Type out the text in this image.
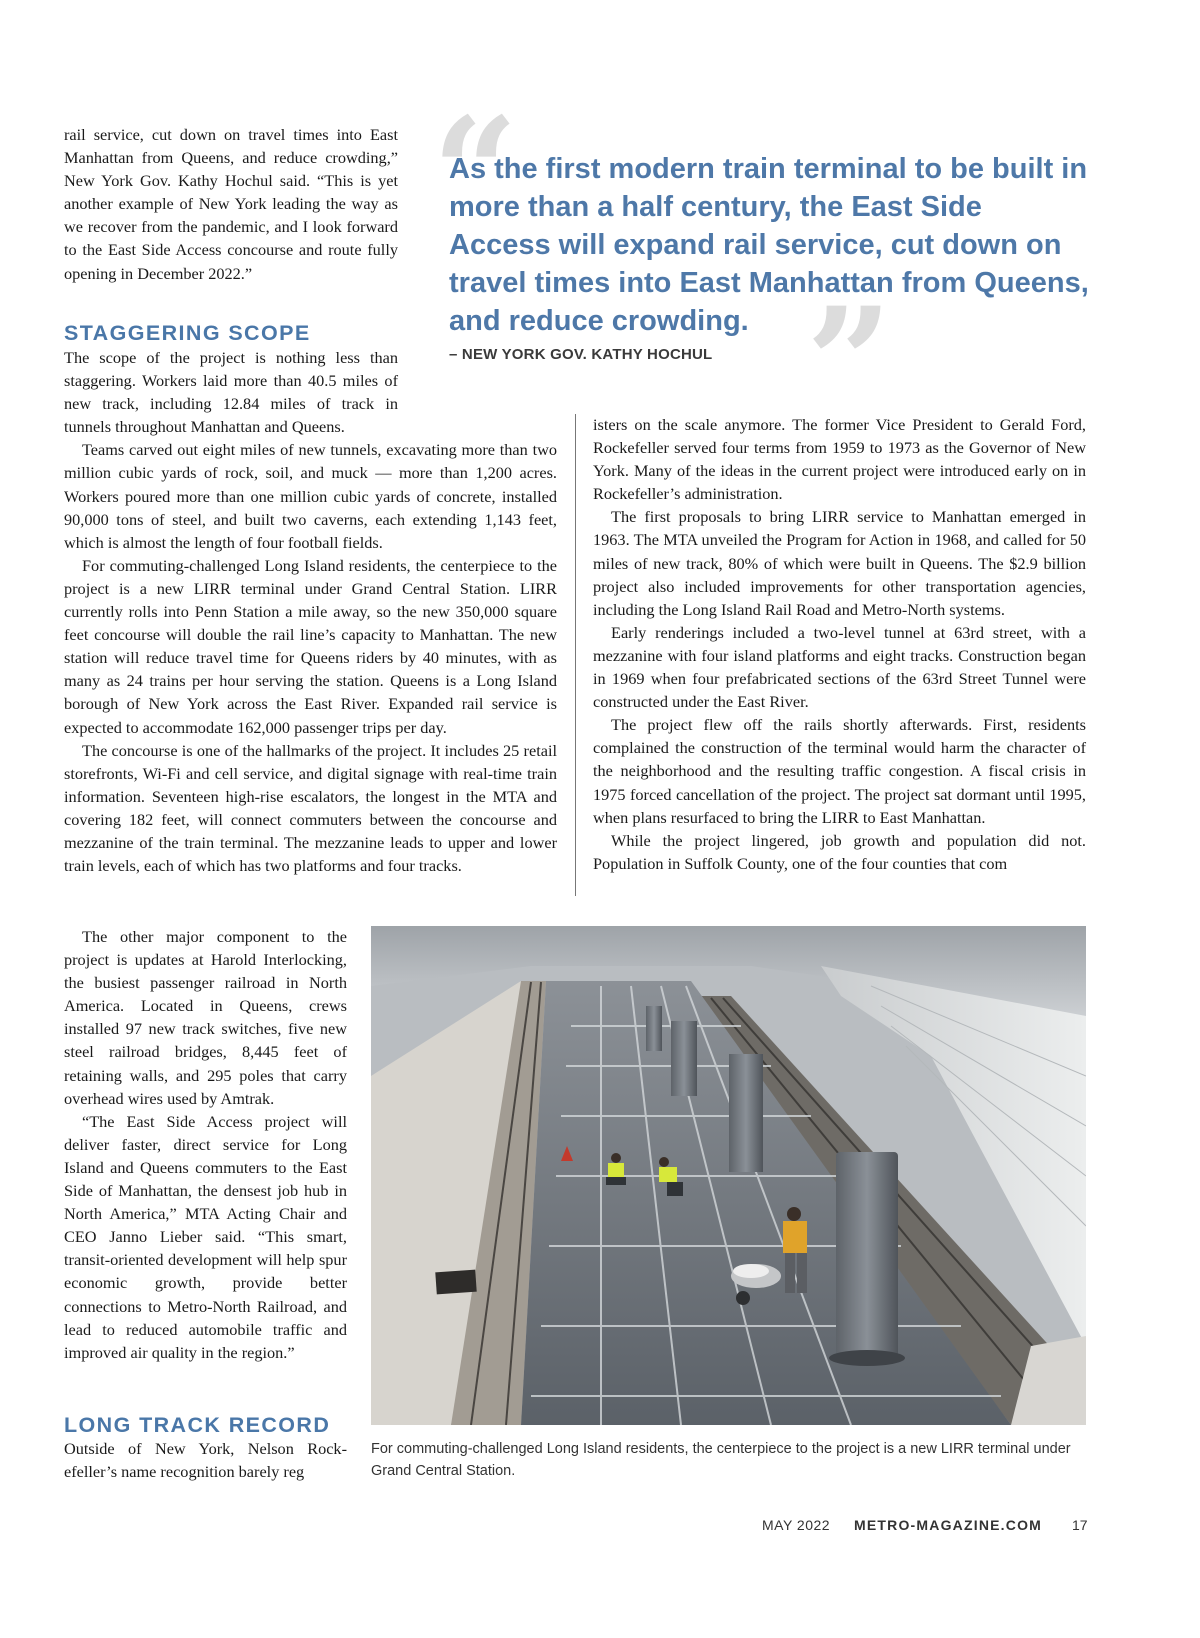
rail service, cut down on travel times into East Manhattan from Queens, and reduce crowding,” New York Gov. Kathy Hochul said. “This is yet another example of New York leading the way as we recover from the pandemic, and I look forward to the East Side Access concourse and route fully opening in December 2022.”

“

As the first modern train terminal to be built in more than a half century, the East Side Access will expand rail service, cut down on travel times into East Manhattan from Queens, and reduce crowding. ”
– NEW YORK GOV. KATHY HOCHUL
STAGGERING SCOPE

The scope of the project is nothing less than staggering. Workers laid more than 40.5 miles of new track, including 12.84 miles of track in tunnels throughout Manhattan and Queens.

Teams carved out eight miles of new tunnels, excavating more than two million cubic yards of rock, soil, and muck — more than 1,200 acres. Workers poured more than one million cubic yards of concrete, installed 90,000 tons of steel, and built two caverns, each extending 1,143 feet, which is almost the length of four football fields.

For commuting-challenged Long Island residents, the centerpiece to the project is a new LIRR terminal under Grand Central Station. LIRR currently rolls into Penn Station a mile away, so the new 350,000 square feet concourse will double the rail line’s capacity to Manhattan. The new station will reduce travel time for Queens riders by 40 minutes, with as many as 24 trains per hour serving the station. Queens is a Long Island borough of New York across the East River. Expanded rail service is expected to accommodate 162,000 passenger trips per day.

The concourse is one of the hallmarks of the project. It includes 25 retail storefronts, Wi-Fi and cell service, and digital signage with real-time train information. Seventeen high-rise escalators, the longest in the MTA and covering 182 feet, will connect commuters between the concourse and mezzanine of the train terminal. The mezzanine leads to upper and lower train levels, each of which has two platforms and four tracks.

The other major component to the project is updates at Harold Interlocking, the busiest passenger railroad in North America. Located in Queens, crews installed 97 new track switches, five new steel railroad bridges, 8,445 feet of retaining walls, and 295 poles that carry overhead wires used by Amtrak.

“The East Side Access project will deliver faster, direct service for Long Island and Queens commuters to the East Side of Manhattan, the densest job hub in North America,” MTA Acting Chair and CEO Janno Lieber said. “This smart, transit-oriented development will help spur economic growth, provide better connections to Metro-North Railroad, and lead to reduced automobile traffic and improved air quality in the region.”

LONG TRACK RECORD

Outside of New York, Nelson Rockefeller’s name recognition barely reg

isters on the scale anymore. The former Vice President to Gerald Ford, Rockefeller served four terms from 1959 to 1973 as the Governor of New York. Many of the ideas in the current project were introduced early on in Rockefeller’s administration.

The first proposals to bring LIRR service to Manhattan emerged in 1963. The MTA unveiled the Program for Action in 1968, and called for 50 miles of new track, 80% of which were built in Queens. The $2.9 billion project also included improvements for other transportation agencies, including the Long Island Rail Road and Metro-North systems.

Early renderings included a two-level tunnel at 63rd street, with a mezzanine with four island platforms and eight tracks. Construction began in 1969 when four prefabricated sections of the 63rd Street Tunnel were constructed under the East River.

The project flew off the rails shortly afterwards. First, residents complained the construction of the terminal would harm the character of the neighborhood and the resulting traffic congestion. A fiscal crisis in 1975 forced cancellation of the project. The project sat dormant until 1995, when plans resurfaced to bring the LIRR to East Manhattan.

While the project lingered, job growth and population did not. Population in Suffolk County, one of the four counties that com

For commuting-challenged Long Island residents, the centerpiece to the project is a new LIRR terminal under Grand Central Station.
MAY 2022 METRO-MAGAZINE.COM 17
